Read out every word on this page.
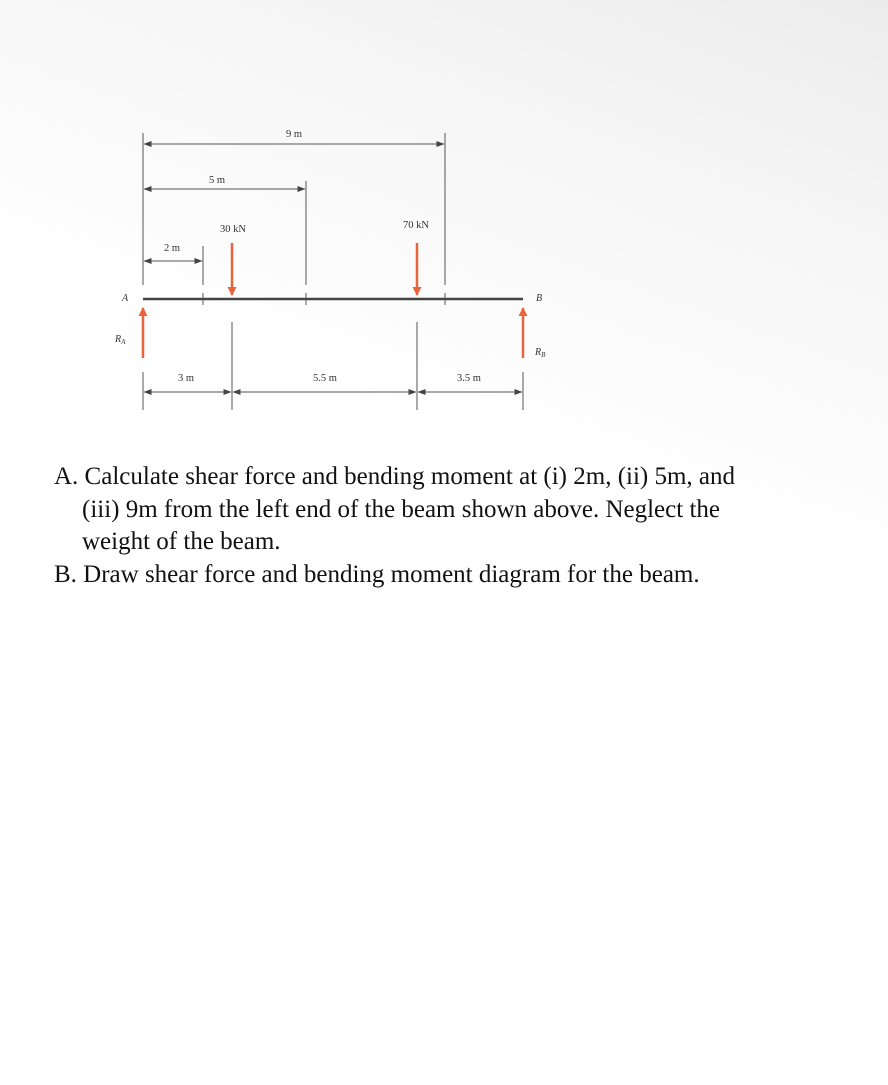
9 m
5 m
2 m
30 kN	70 kN
A
$R_A$
B
$R_B$
3 m	5.5 m	3.5 m

A. Calculate shear force and bending moment at (i) 2m, (ii) 5m, and (iii) 9m from the left end of the beam shown above. Neglect the weight of the beam.

B. Draw shear force and bending moment diagram for the beam.
